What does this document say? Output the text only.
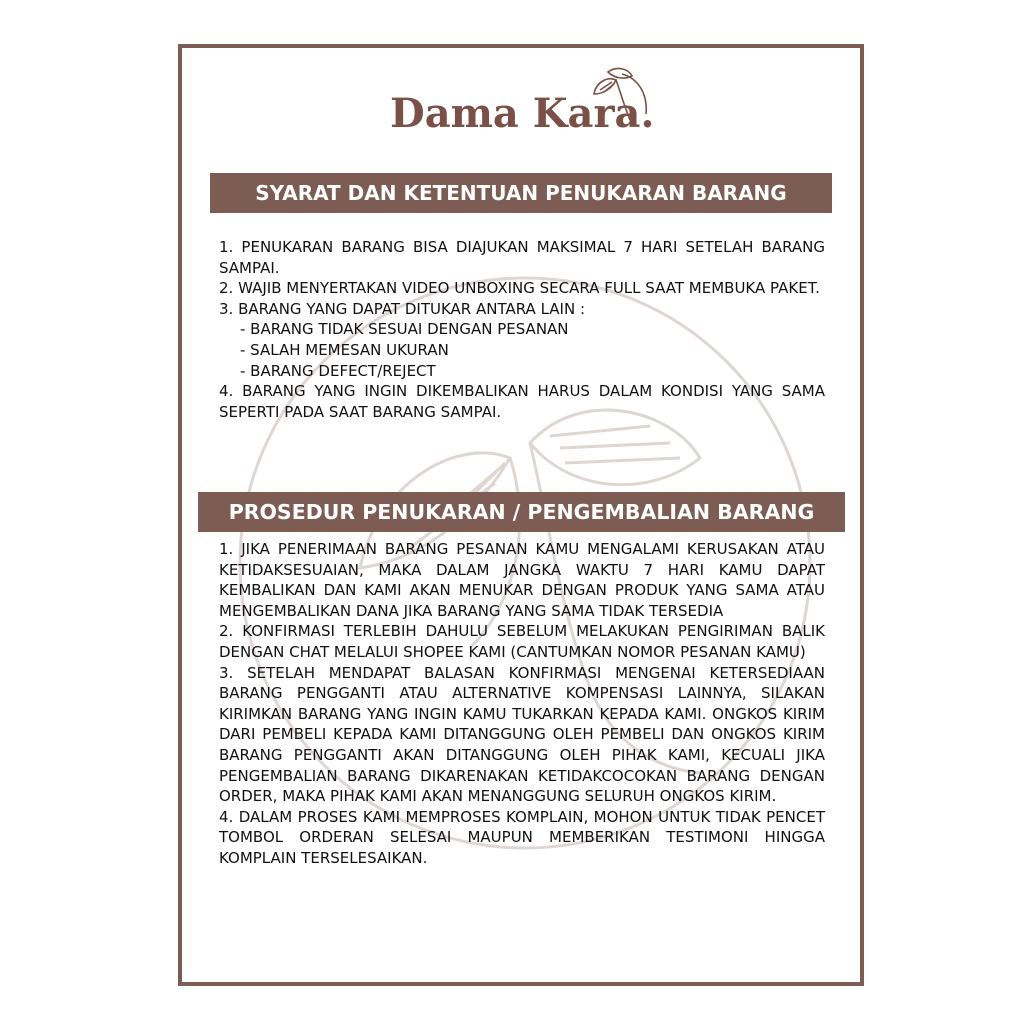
Dama Kara.
SYARAT DAN KETENTUAN PENUKARAN BARANG

1. PENUKARAN BARANG BISA DIAJUKAN MAKSIMAL 7 HARI SETELAH BARANG SAMPAI.

2. WAJIB MENYERTAKAN VIDEO UNBOXING SECARA FULL SAAT MEMBUKA PAKET.

3. BARANG YANG DAPAT DITUKAR ANTARA LAIN :

- BARANG TIDAK SESUAI DENGAN PESANAN

- SALAH MEMESAN UKURAN

- BARANG DEFECT/REJECT

4. BARANG YANG INGIN DIKEMBALIKAN HARUS DALAM KONDISI YANG SAMA SEPERTI PADA SAAT BARANG SAMPAI.

PROSEDUR PENUKARAN / PENGEMBALIAN BARANG

1. JIKA PENERIMAAN BARANG PESANAN KAMU MENGALAMI KERUSAKAN ATAU KETIDAKSESUAIAN, MAKA DALAM JANGKA WAKTU 7 HARI KAMU DAPAT KEMBALIKAN DAN KAMI AKAN MENUKAR DENGAN PRODUK YANG SAMA ATAU MENGEMBALIKAN DANA JIKA BARANG YANG SAMA TIDAK TERSEDIA

2. KONFIRMASI TERLEBIH DAHULU SEBELUM MELAKUKAN PENGIRIMAN BALIK DENGAN CHAT MELALUI SHOPEE KAMI (CANTUMKAN NOMOR PESANAN KAMU)

3. SETELAH MENDAPAT BALASAN KONFIRMASI MENGENAI KETERSEDIAAN BARANG PENGGANTI ATAU ALTERNATIVE KOMPENSASI LAINNYA, SILAKAN KIRIMKAN BARANG YANG INGIN KAMU TUKARKAN KEPADA KAMI. ONGKOS KIRIM DARI PEMBELI KEPADA KAMI DITANGGUNG OLEH PEMBELI DAN ONGKOS KIRIM BARANG PENGGANTI AKAN DITANGGUNG OLEH PIHAK KAMI, KECUALI JIKA PENGEMBALIAN BARANG DIKARENAKAN KETIDAKCOCOKAN BARANG DENGAN ORDER, MAKA PIHAK KAMI AKAN MENANGGUNG SELURUH ONGKOS KIRIM.

4. DALAM PROSES KAMI MEMPROSES KOMPLAIN, MOHON UNTUK TIDAK PENCET TOMBOL ORDERAN SELESAI MAUPUN MEMBERIKAN TESTIMONI HINGGA KOMPLAIN TERSELESAIKAN.
